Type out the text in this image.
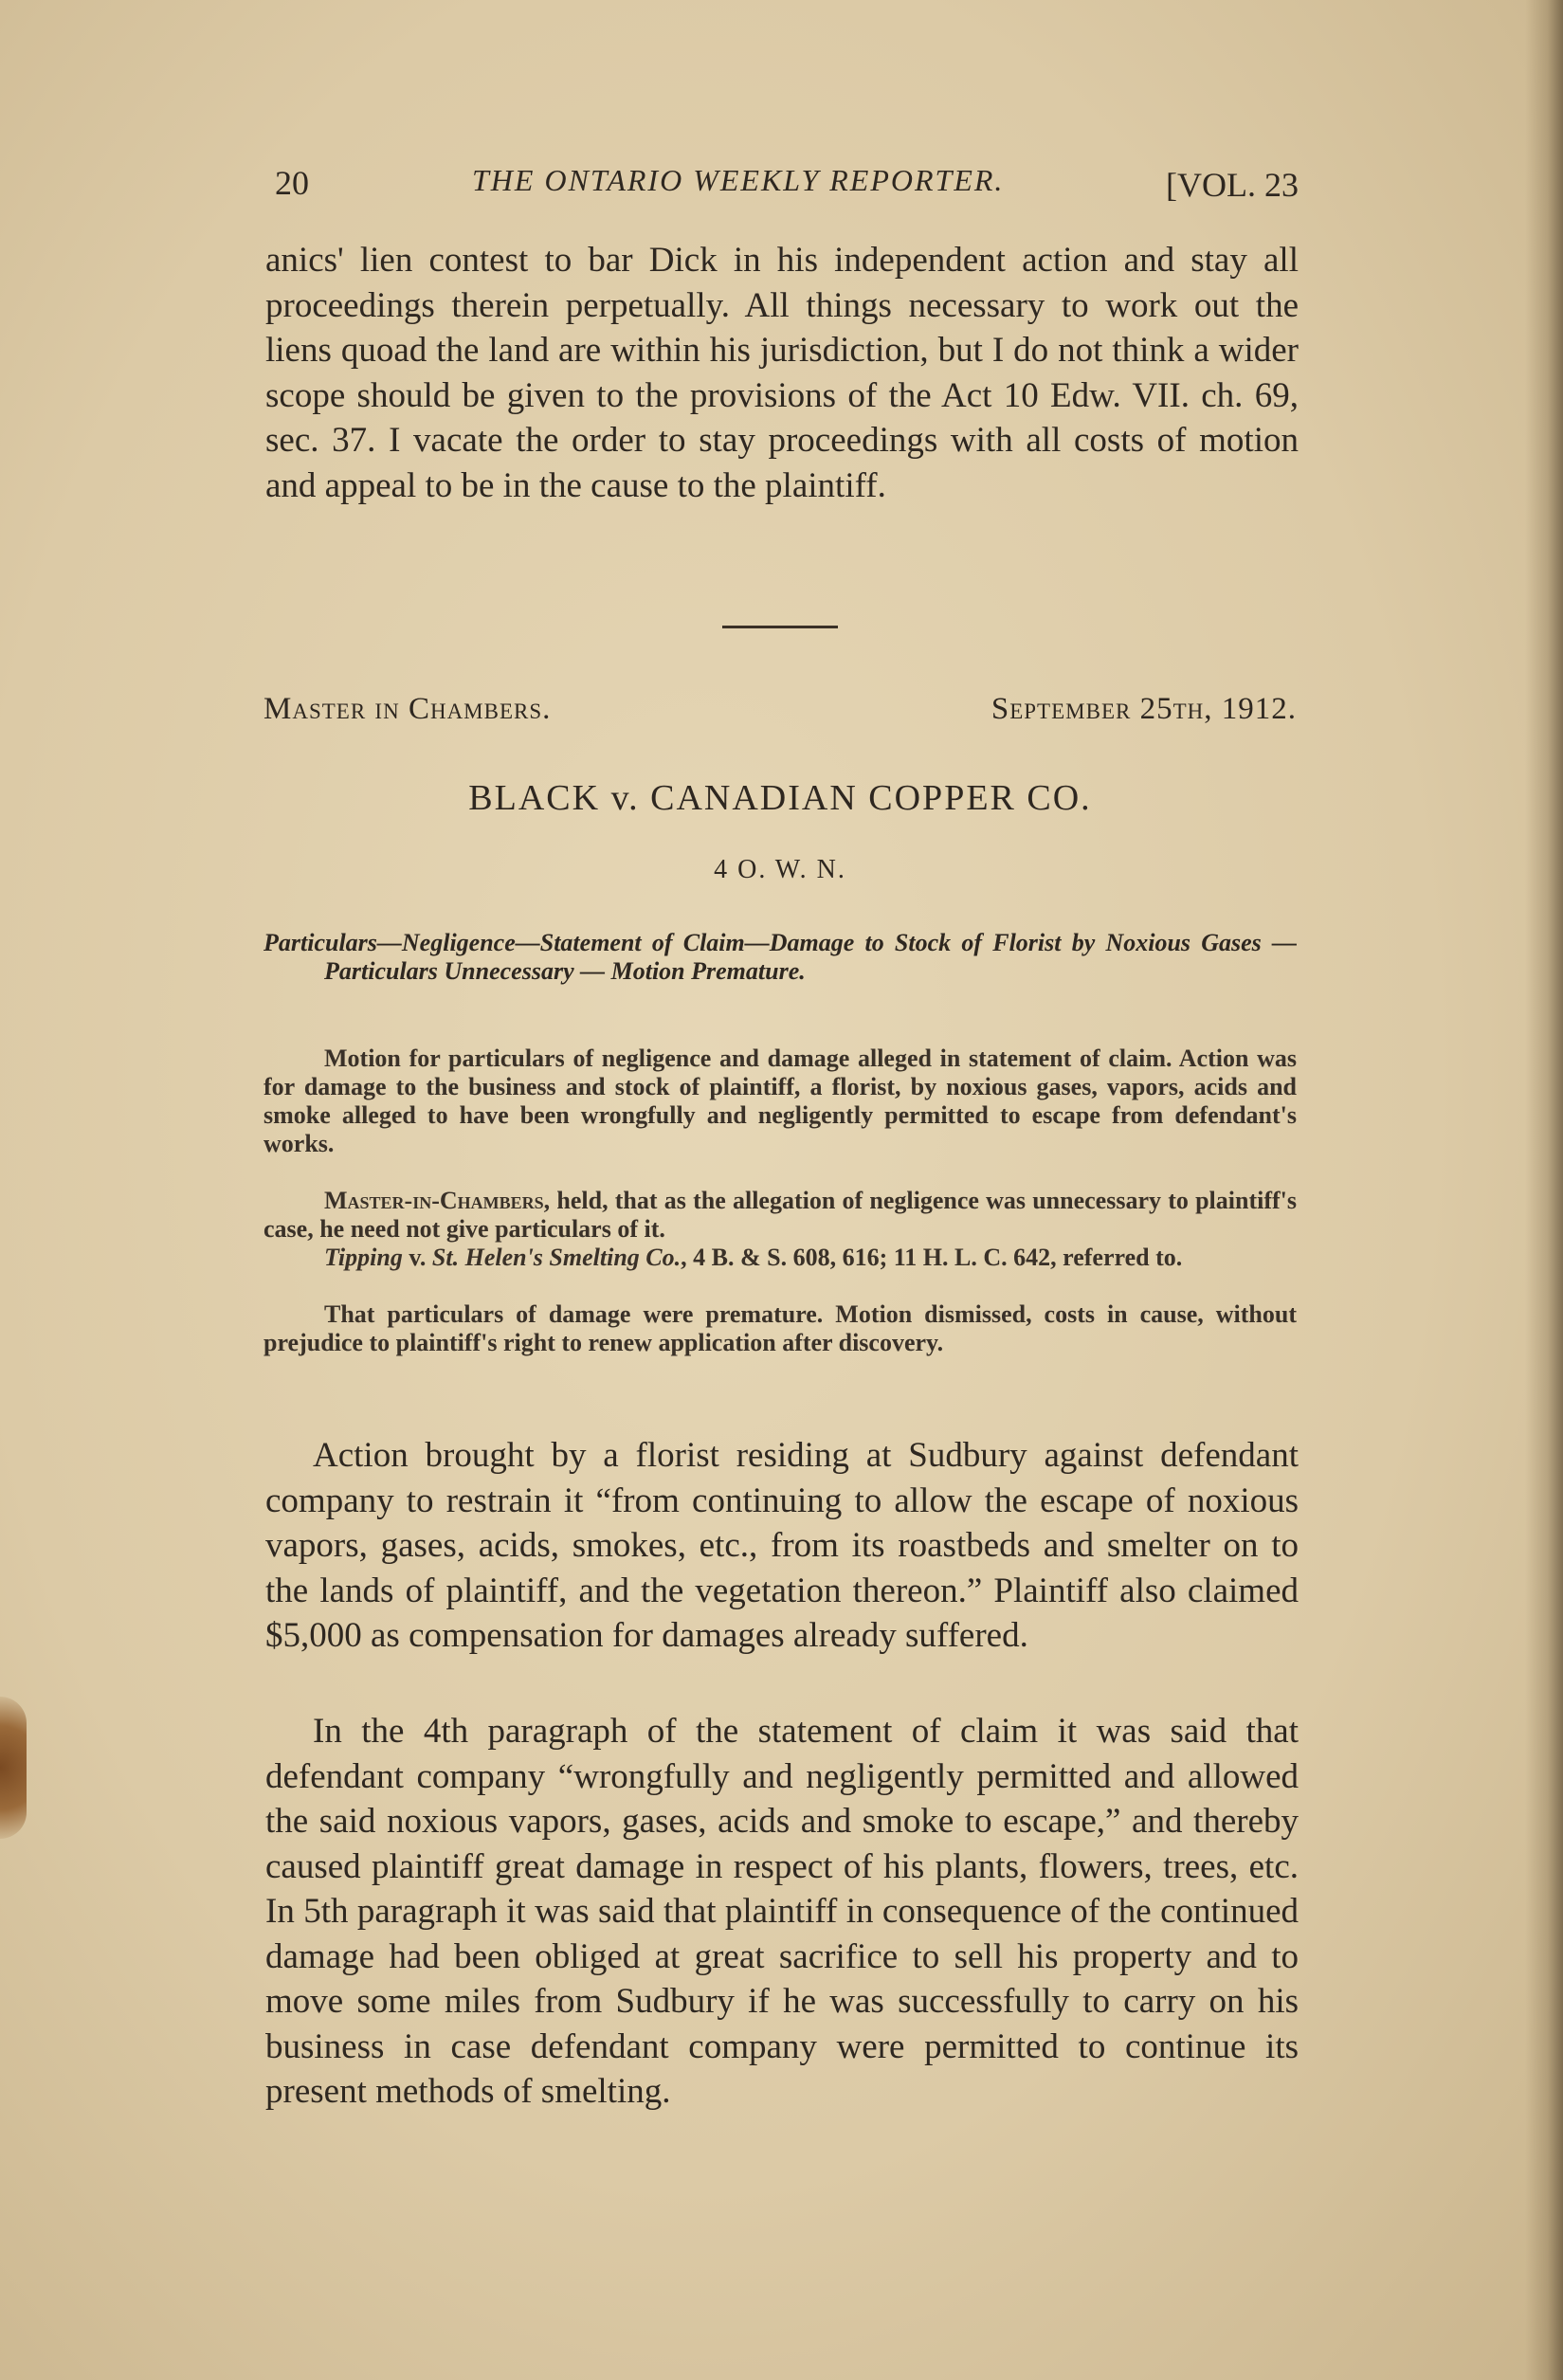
20	THE ONTARIO WEEKLY REPORTER.	[VOL. 23
anics' lien contest to bar Dick in his independent action and stay all proceedings therein perpetually. All things necessary to work out the liens quoad the land are within his jurisdiction, but I do not think a wider scope should be given to the provisions of the Act 10 Edw. VII. ch. 69, sec. 37. I vacate the order to stay proceedings with all costs of motion and appeal to be in the cause to the plaintiff.
Master in Chambers.	September 25th, 1912.
BLACK v. CANADIAN COPPER CO.
4 O. W. N.
Particulars—Negligence—Statement of Claim—Damage to Stock of Florist by Noxious Gases — Particulars Unnecessary — Motion Premature.
Motion for particulars of negligence and damage alleged in statement of claim. Action was for damage to the business and stock of plaintiff, a florist, by noxious gases, vapors, acids and smoke alleged to have been wrongfully and negligently permitted to escape from defendant's works.
Master-in-Chambers, held, that as the allegation of negligence was unnecessary to plaintiff's case, he need not give particulars of it.
Tipping v. St. Helen's Smelting Co., 4 B. & S. 608, 616; 11 H. L. C. 642, referred to.
That particulars of damage were premature. Motion dismissed, costs in cause, without prejudice to plaintiff's right to renew application after discovery.
Action brought by a florist residing at Sudbury against defendant company to restrain it “from continuing to allow the escape of noxious vapors, gases, acids, smokes, etc., from its roastbeds and smelter on to the lands of plaintiff, and the vegetation thereon.” Plaintiff also claimed $5,000 as compensation for damages already suffered.
In the 4th paragraph of the statement of claim it was said that defendant company “wrongfully and negligently permitted and allowed the said noxious vapors, gases, acids and smoke to escape,” and thereby caused plaintiff great damage in respect of his plants, flowers, trees, etc. In 5th paragraph it was said that plaintiff in consequence of the continued damage had been obliged at great sacrifice to sell his property and to move some miles from Sudbury if he was successfully to carry on his business in case defendant company were permitted to continue its present methods of smelting.
